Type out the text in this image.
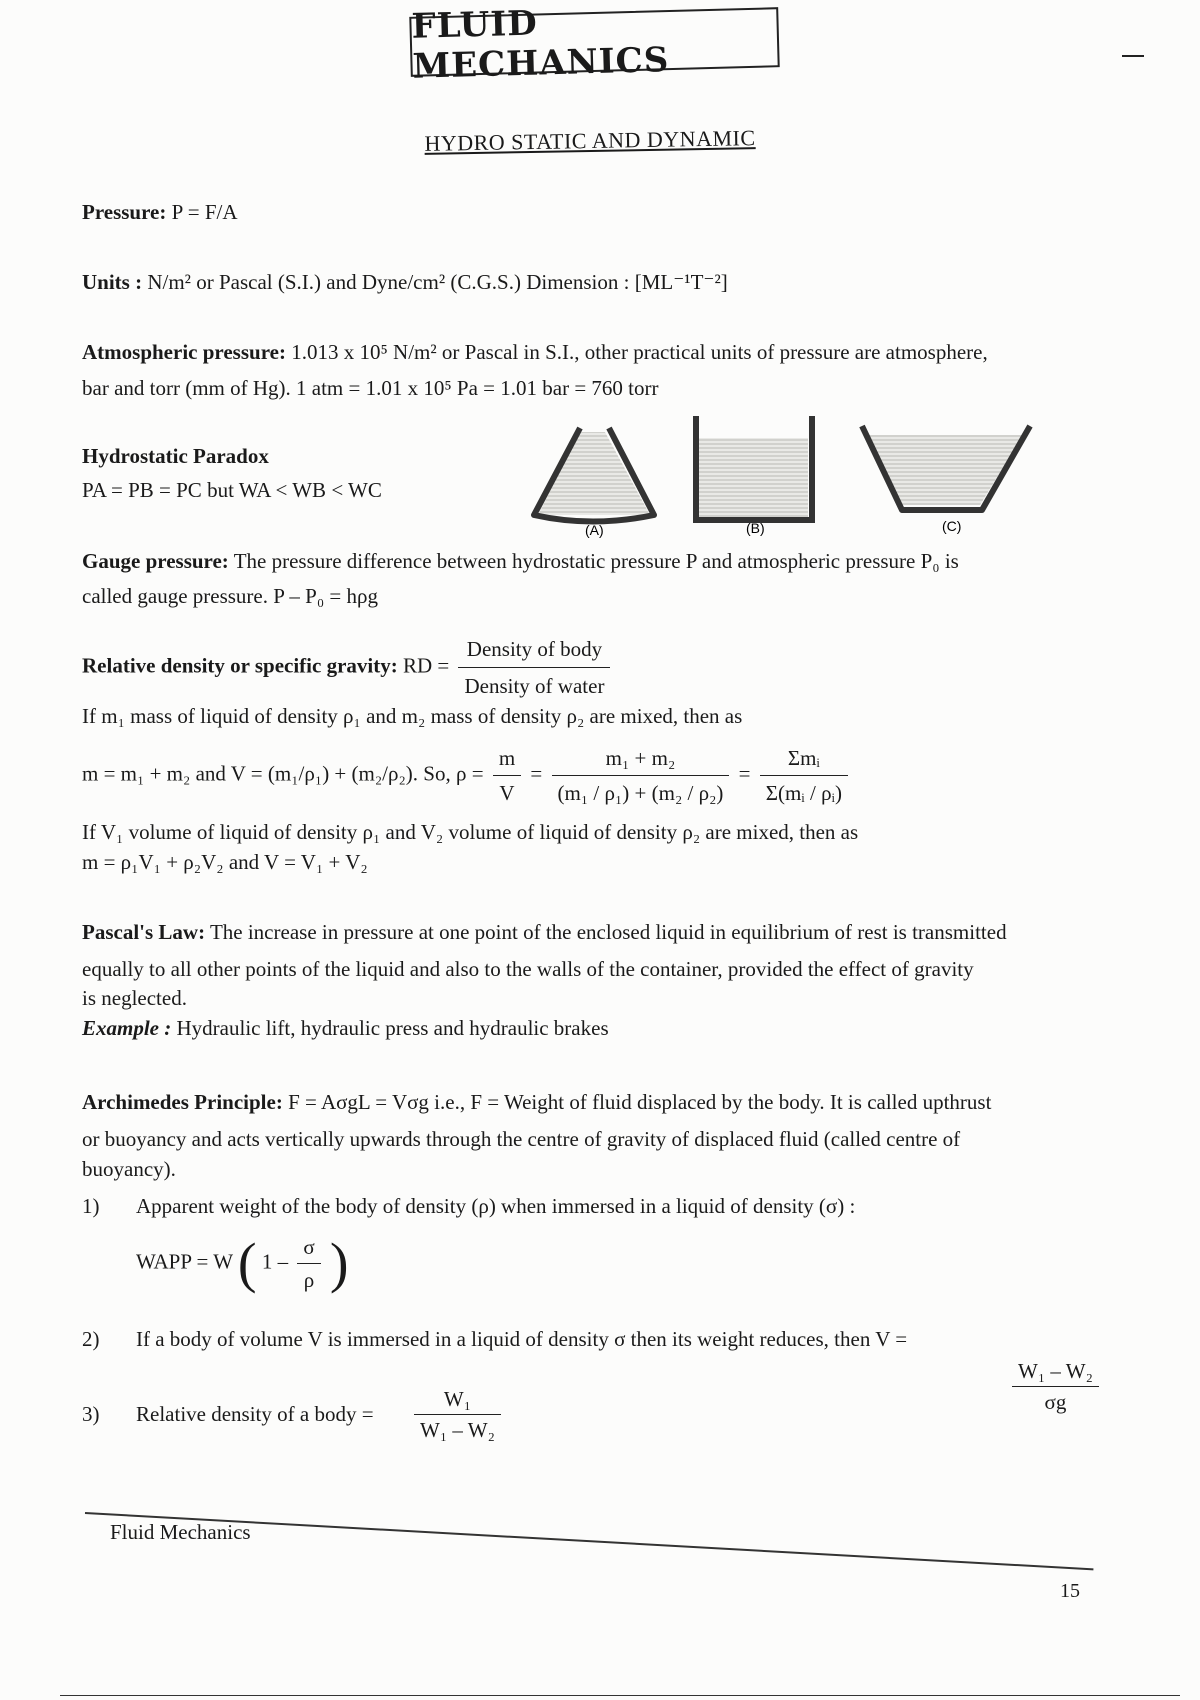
FLUID MECHANICS
HYDRO STATIC AND DYNAMIC
Pressure: P = F/A
Units : N/m² or Pascal (S.I.) and Dyne/cm² (C.G.S.) Dimension : [ML⁻¹T⁻²]
Atmospheric pressure: 1.013 x 10⁵ N/m² or Pascal in S.I., other practical units of pressure are atmosphere,
bar and torr (mm of Hg). 1 atm = 1.01 x 10⁵ Pa = 1.01 bar = 760 torr
Hydrostatic Paradox
PA = PB = PC but WA < WB < WC
(A)	(B)	(C)
Gauge pressure: The pressure difference between hydrostatic pressure P and atmospheric pressure P₀ is
called gauge pressure. P – P₀ = hρg
Relative density or specific gravity: RD = $\frac{\text{Density of body}}{\text{Density of water}}$
If m₁ mass of liquid of density ρ₁ and m₂ mass of density ρ₂ are mixed, then as
m = m₁ + m₂ and V = (m₁/ρ₁) + (m₂/ρ₂). So, $\rho = \frac{m}{V} = \frac{\text{m₁ + m₂}}{\text{(m₁ / ρ₁) + (m₂ / ρ₂)}} = \frac{\text{Σmᵢ}}{\text{Σ(mᵢ / ρᵢ)}}$
If V₁ volume of liquid of density ρ₁ and V₂ volume of liquid of density ρ₂ are mixed, then as
m = ρ₁V₁ + ρ₂V₂ and V = V₁ + V₂
Pascal's Law: The increase in pressure at one point of the enclosed liquid in equilibrium of rest is transmitted
equally to all other points of the liquid and also to the walls of the container, provided the effect of gravity
is neglected.
Example : Hydraulic lift, hydraulic press and hydraulic brakes
Archimedes Principle: F = AσgL = Vσg i.e., F = Weight of fluid displaced by the body. It is called upthrust
or buoyancy and acts vertically upwards through the centre of gravity of displaced fluid (called centre of
buoyancy).
1) Apparent weight of the body of density (ρ) when immersed in a liquid of density (σ) :
WAPP = W ( $1 - \frac{\sigma}{\rho}$ )
2) If a body of volume V is immersed in a liquid of density σ then its weight reduces, then V =
$\frac{\text{W₁ – W₂}}{\sigma g}$
3) Relative density of a body = $\frac{\text{W₁}}{\text{W₁ – W₂}}$
Fluid Mechanics
15
